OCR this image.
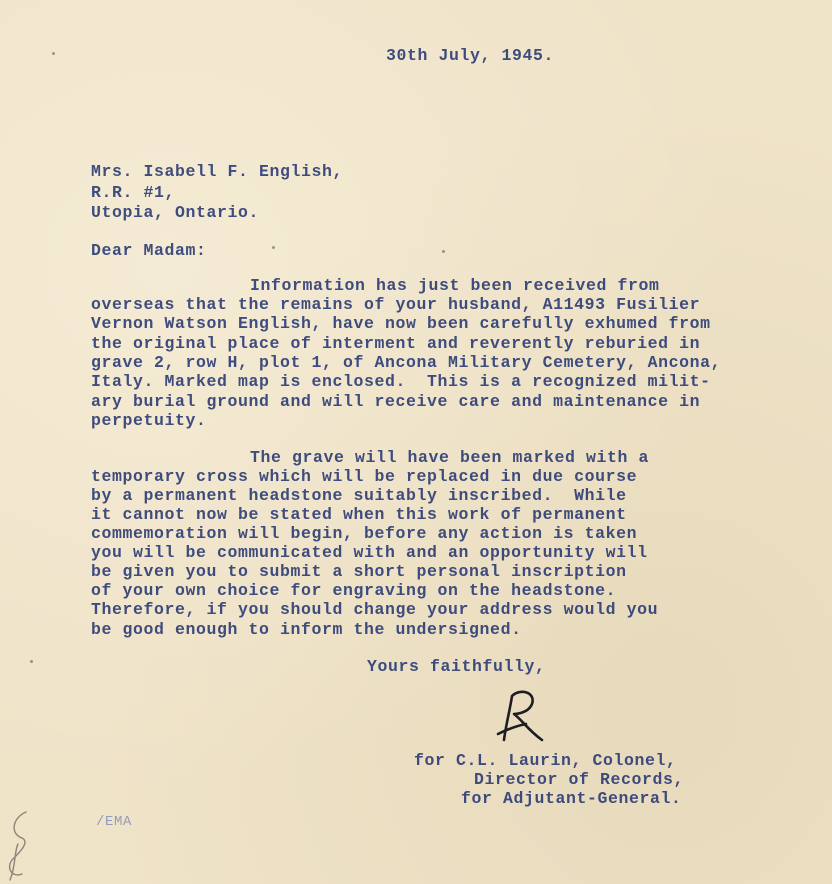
30th July, 1945.
Mrs. Isabell F. English,
R.R. #1,
Utopia, Ontario.
Dear Madam:
Information has just been received from
overseas that the remains of your husband, A11493 Fusilier
Vernon Watson English, have now been carefully exhumed from
the original place of interment and reverently reburied in
grave 2, row H, plot 1, of Ancona Military Cemetery, Ancona,
Italy. Marked map is enclosed.  This is a recognized milit-
ary burial ground and will receive care and maintenance in
perpetuity.
The grave will have been marked with a
temporary cross which will be replaced in due course
by a permanent headstone suitably inscribed.  While
it cannot now be stated when this work of permanent
commemoration will begin, before any action is taken
you will be communicated with and an opportunity will
be given you to submit a short personal inscription
of your own choice for engraving on the headstone.
Therefore, if you should change your address would you
be good enough to inform the undersigned.
Yours faithfully,
for C.L. Laurin, Colonel,
Director of Records,
for Adjutant-General.
/EMA
